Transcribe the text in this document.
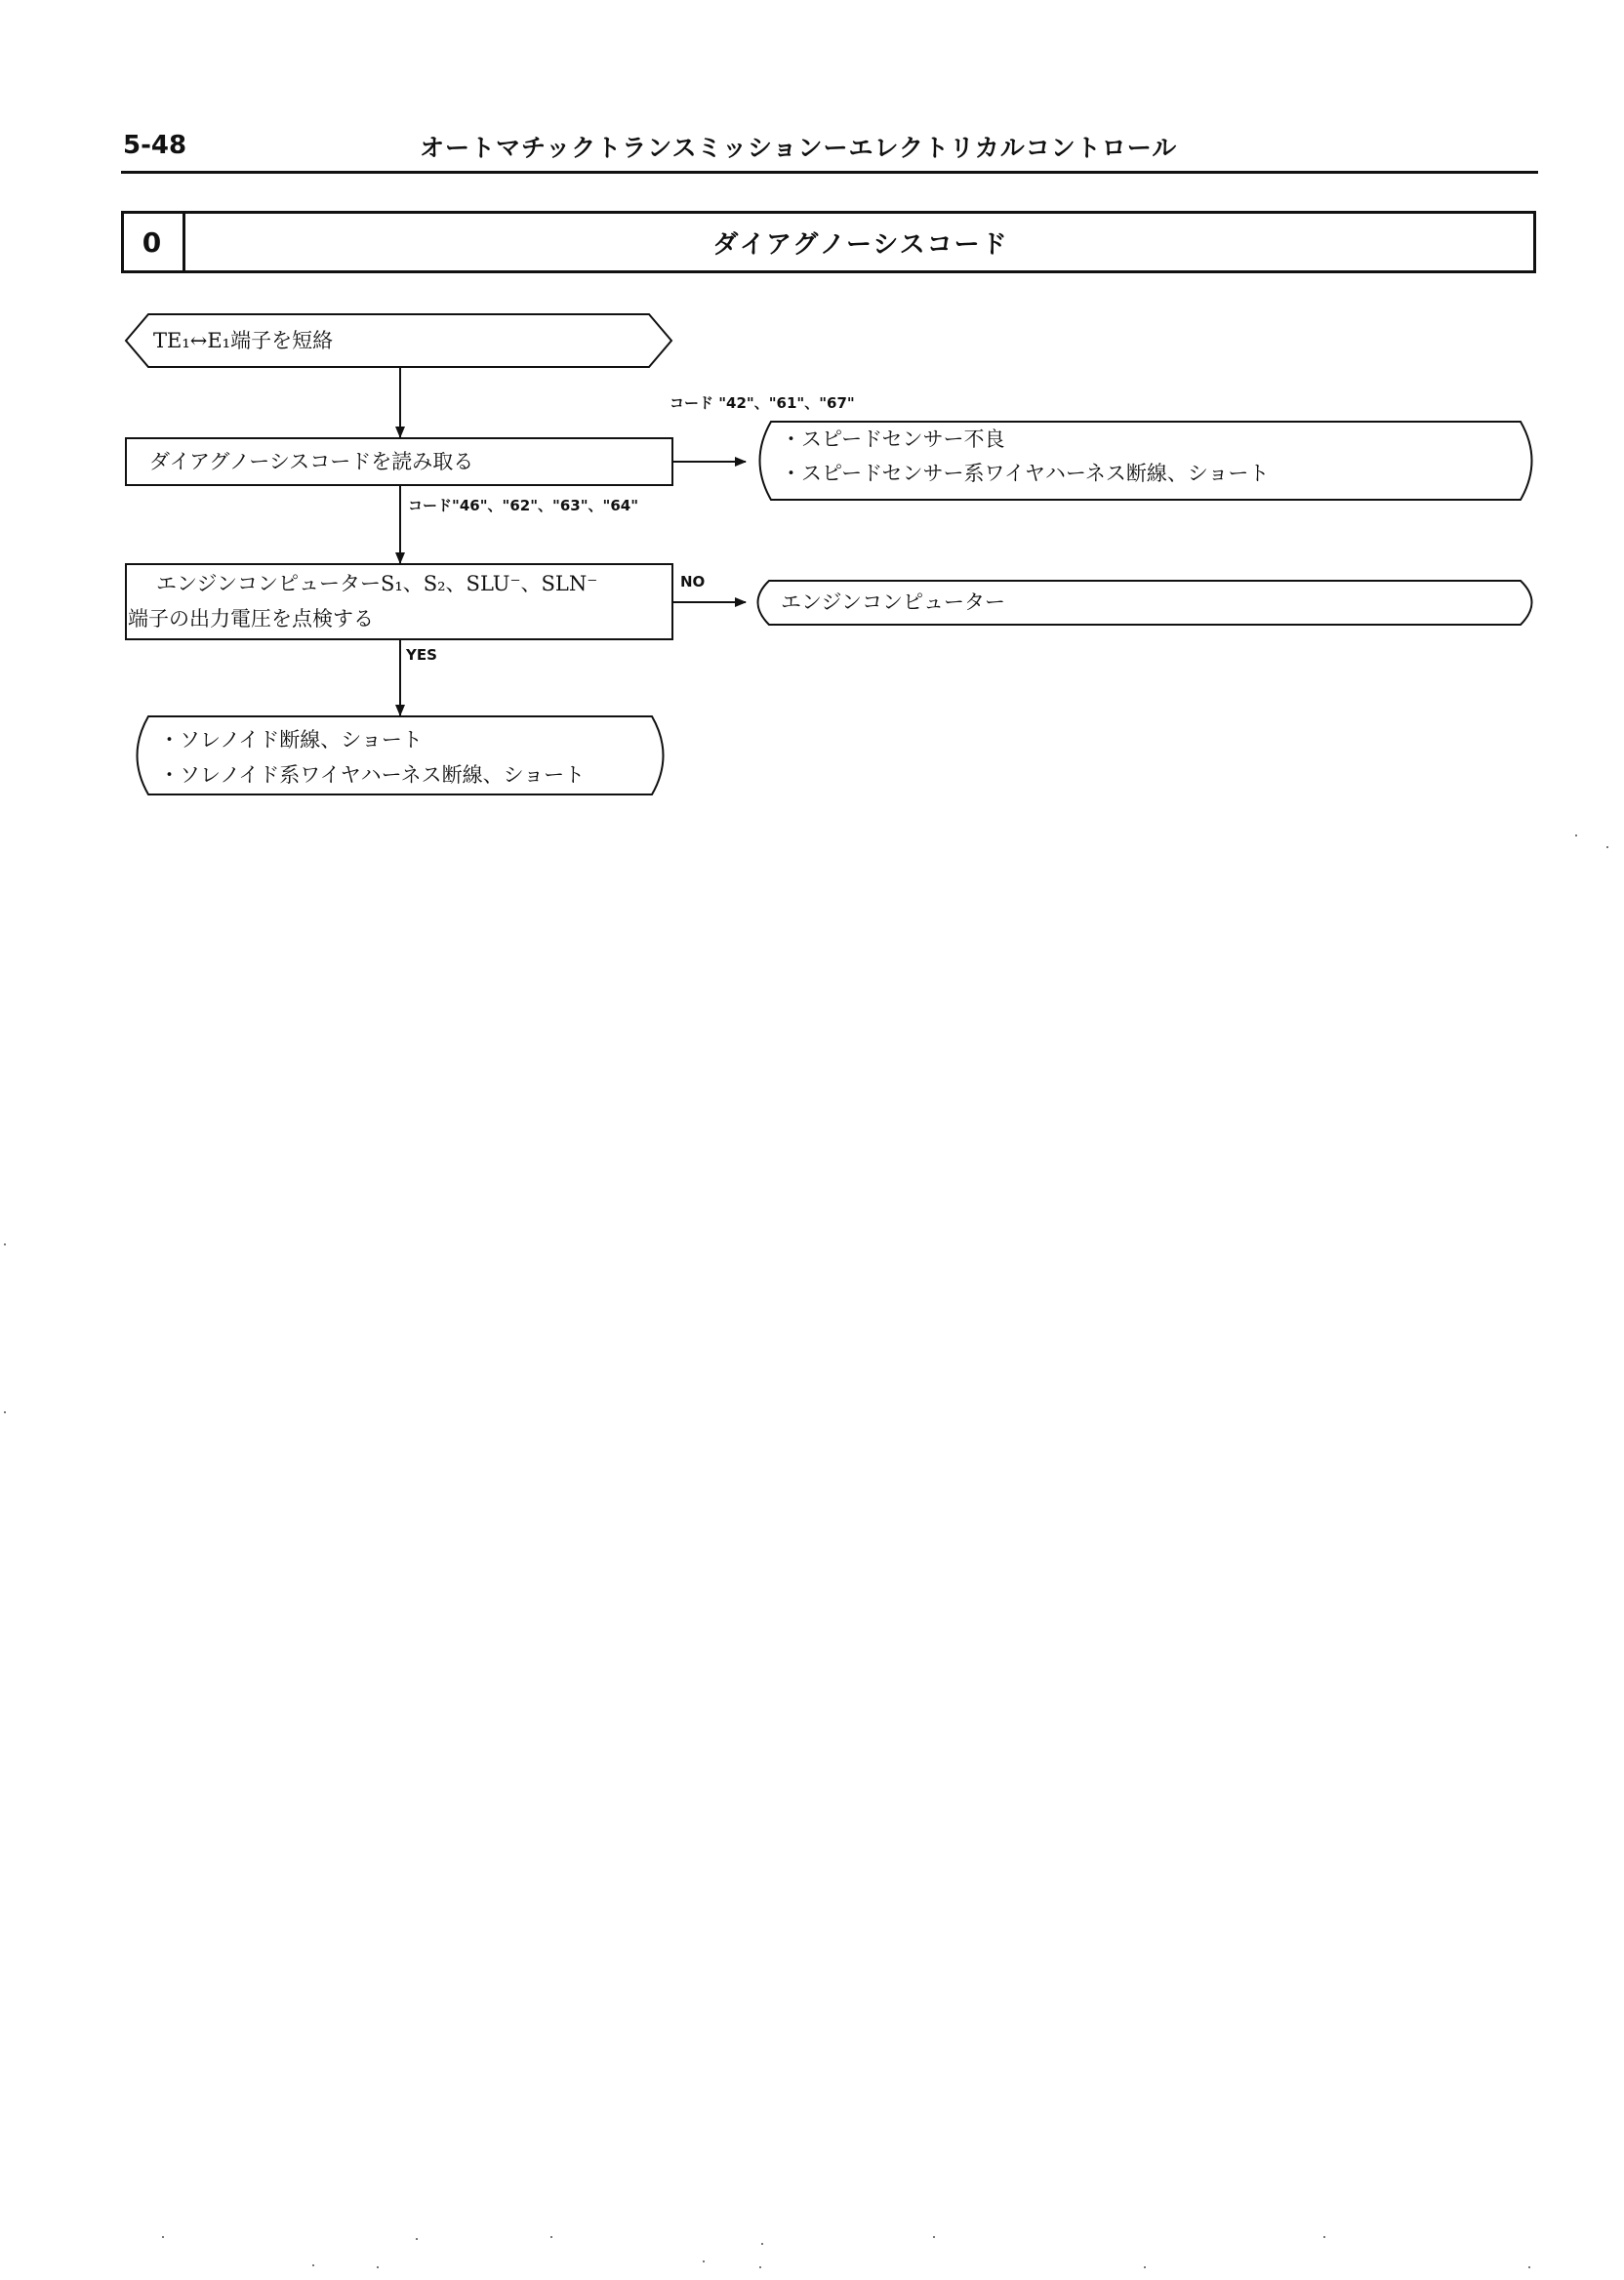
5-48	オートマチックトランスミッションーエレクトリカルコントロール
0	ダイアグノーシスコード
TE₁↔E₁端子を短絡
コード "42"、"61"、"67"
ダイアグノーシスコードを読み取る
・スピードセンサー不良
・スピードセンサー系ワイヤハーネス断線、ショート
コード"46"、"62"、"63"、"64"
エンジンコンピューターS₁、S₂、SLU⁻、SLN⁻
端子の出力電圧を点検する
NO
エンジンコンピューター
YES
・ソレノイド断線、ショート
・ソレノイド系ワイヤハーネス断線、ショート
